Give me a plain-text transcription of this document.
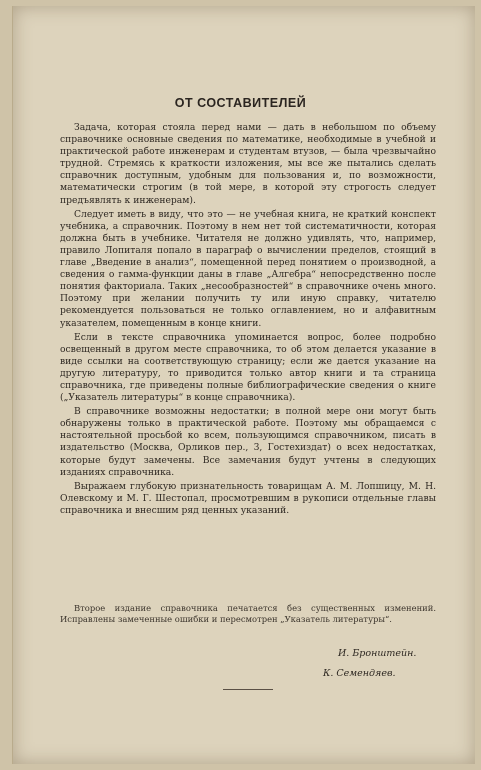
ОТ СОСТАВИТЕЛЕЙ

Задача, которая стояла перед нами — дать в небольшом по объему справочнике основные сведения по математике, необходимые в учебной и практической работе инженерам и студентам втузов, — была чрезвычайно трудной. Стремясь к краткости изложения, мы все же пытались сделать справочник доступным, удобным для пользования и, по возможности, математически строгим (в той мере, в которой эту строгость следует предъявлять к инженерам).

Следует иметь в виду, что это — не учебная книга, не краткий конспект учебника, а справочник. Поэтому в нем нет той систематичности, которая должна быть в учебнике. Читателя не должно удивлять, что, например, правило Лопиталя попало в параграф о вычислении пределов, стоящий в главе „Введение в анализ“, помещенной перед понятием о производной, а сведения о гамма-функции даны в главе „Алгебра“ непосредственно после понятия факториала. Таких „несообразностей“ в справочнике очень много. Поэтому при желании получить ту или иную справку, читателю рекомендуется пользоваться не только оглавлением, но и алфавитным указателем, помещенным в конце книги.

Если в тексте справочника упоминается вопрос, более подробно освещенный в другом месте справочника, то об этом делается указание в виде ссылки на соответствующую страницу; если же дается указание на другую литературу, то приводится только автор книги и та страница справочника, где приведены полные библиографические сведения о книге („Указатель литературы“ в конце справочника).

В справочнике возможны недостатки; в полной мере они могут быть обнаружены только в практической работе. Поэтому мы обращаемся с настоятельной просьбой ко всем, пользующимся справочником, писать в издательство (Москва, Орликов пер., 3, Гостехиздат) о всех недостатках, которые будут замечены. Все замечания будут учтены в следующих изданиях справочника.

Выражаем глубокую признательность товарищам А. М. Лопшицу, М. Н. Олевскому и М. Г. Шестопал, просмотревшим в рукописи отдельные главы справочника и внесшим ряд ценных указаний.

Второе издание справочника печатается без существенных изменений. Исправлены замеченные ошибки и пересмотрен „Указатель литературы“.

И. Бронштейн.
К. Семендяев.
